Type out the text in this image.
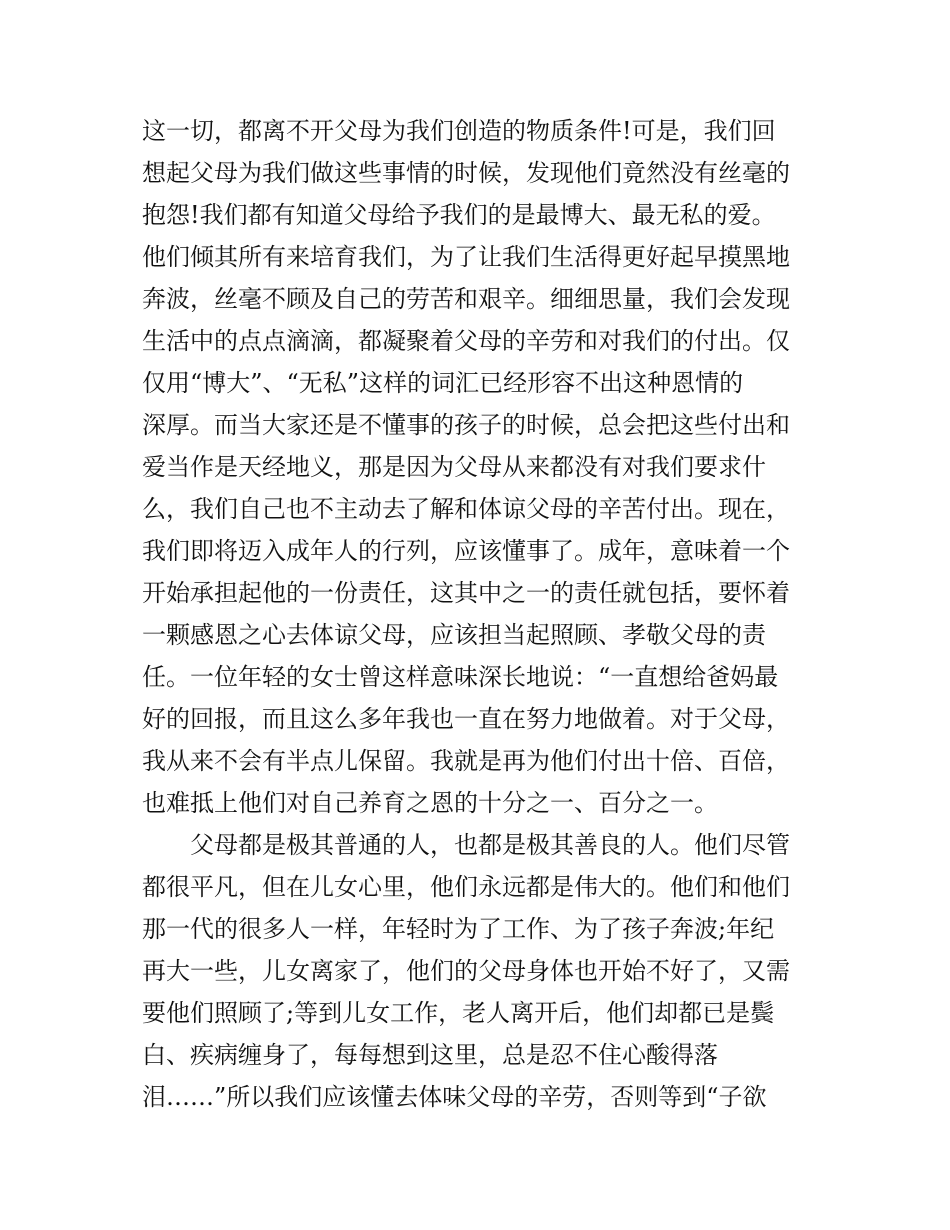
这一切，都离不开父母为我们创造的物质条件!可是，我们回
想起父母为我们做这些事情的时候，发现他们竟然没有丝毫的
抱怨!我们都有知道父母给予我们的是最博大、最无私的爱。
他们倾其所有来培育我们，为了让我们生活得更好起早摸黑地
奔波，丝毫不顾及自己的劳苦和艰辛。细细思量，我们会发现
生活中的点点滴滴，都凝聚着父母的辛劳和对我们的付出。仅
仅用“博大”、“无私”这样的词汇已经形容不出这种恩情的
深厚。而当大家还是不懂事的孩子的时候，总会把这些付出和
爱当作是天经地义，那是因为父母从来都没有对我们要求什
么，我们自己也不主动去了解和体谅父母的辛苦付出。现在，
我们即将迈入成年人的行列，应该懂事了。成年，意味着一个
开始承担起他的一份责任，这其中之一的责任就包括，要怀着
一颗感恩之心去体谅父母，应该担当起照顾、孝敬父母的责
任。一位年轻的女士曾这样意味深长地说：“一直想给爸妈最
好的回报，而且这么多年我也一直在努力地做着。对于父母，
我从来不会有半点儿保留。我就是再为他们付出十倍、百倍，
也难抵上他们对自己养育之恩的十分之一、百分之一。
父母都是极其普通的人，也都是极其善良的人。他们尽管
都很平凡，但在儿女心里，他们永远都是伟大的。他们和他们
那一代的很多人一样，年轻时为了工作、为了孩子奔波;年纪
再大一些，儿女离家了，他们的父母身体也开始不好了，又需
要他们照顾了;等到儿女工作，老人离开后，他们却都已是鬓
白、疾病缠身了，每每想到这里，总是忍不住心酸得落
泪……”所以我们应该懂去体味父母的辛劳，否则等到“子欲
